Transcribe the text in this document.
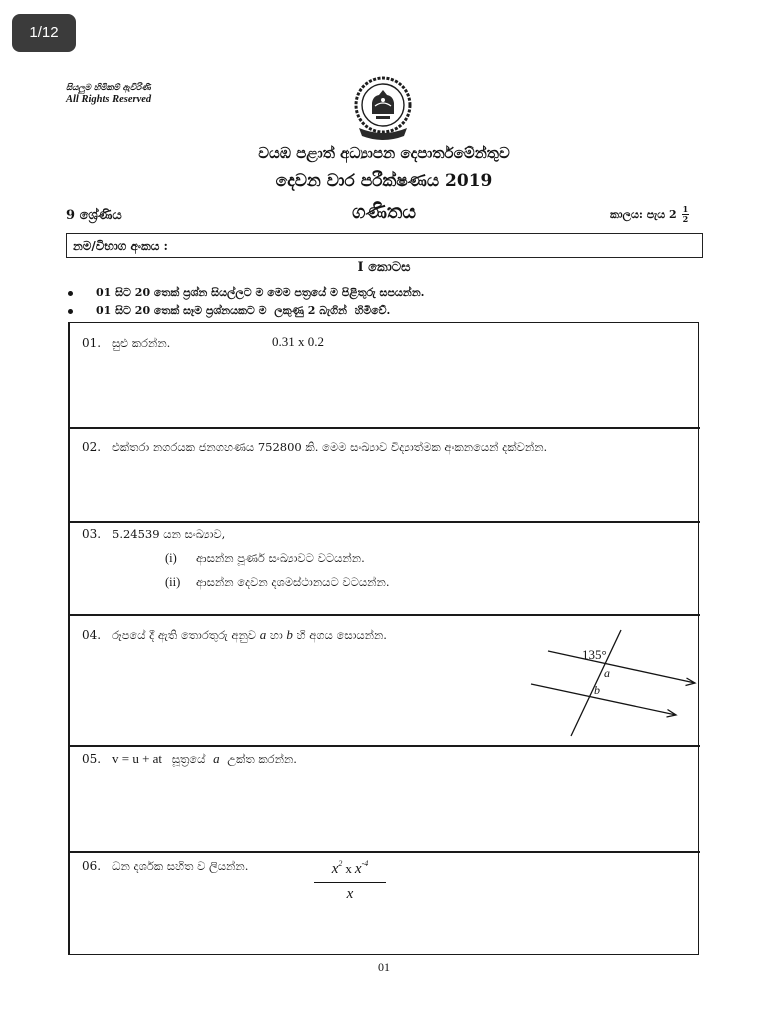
1/12
සියලුම හිමිකම් ඇවිරිණි
All Rights Reserved
වයඹ පළාත් අධ්‍යාපන දෙපාර්තමේන්තුව
දෙවන වාර පරීක්ෂණය 2019
9 ශ්‍රේණිය	ගණිතය	කාලය: පැය $2 \frac{1}{2}$
නම/විභාග අංකය :
I කොටස
01 සිට 20 තෙක් ප්‍රශ්න සියල්ලට ම මෙම පත්‍රයේ ම පිළිතුරු සපයන්න.
01 සිට 20 තෙක් සෑම ප්‍රශ්නයකට ම  ලකුණු 2 බැගින්  හිමිවේ.
01. සුළු කරන්න.	0.31 x 0.2
02. එක්තරා නගරයක ජනගහණය 752800 කි. මෙම සංඛ්‍යාව විද්‍යාත්මක අංකනයෙන් දක්වන්න.
03. 5.24539 යන සංඛ්‍යාව,
(i) ආසන්න පූර්ණ සංඛ්‍යාවට වටයන්න.
(ii) ආසන්න දෙවන දශමස්ථානයට වටයන්න.
04. රූපයේ දී ඇති තොරතුරු අනුව a හා b හි අගය සොයන්න.
135°
a
b
05. v = u + at සූත්‍රයේ a උක්ත කරන්න.
06. ධන දර්ශක සහිත ව ලියන්න.	$x^2$ x $x^{-4}$
x
01
